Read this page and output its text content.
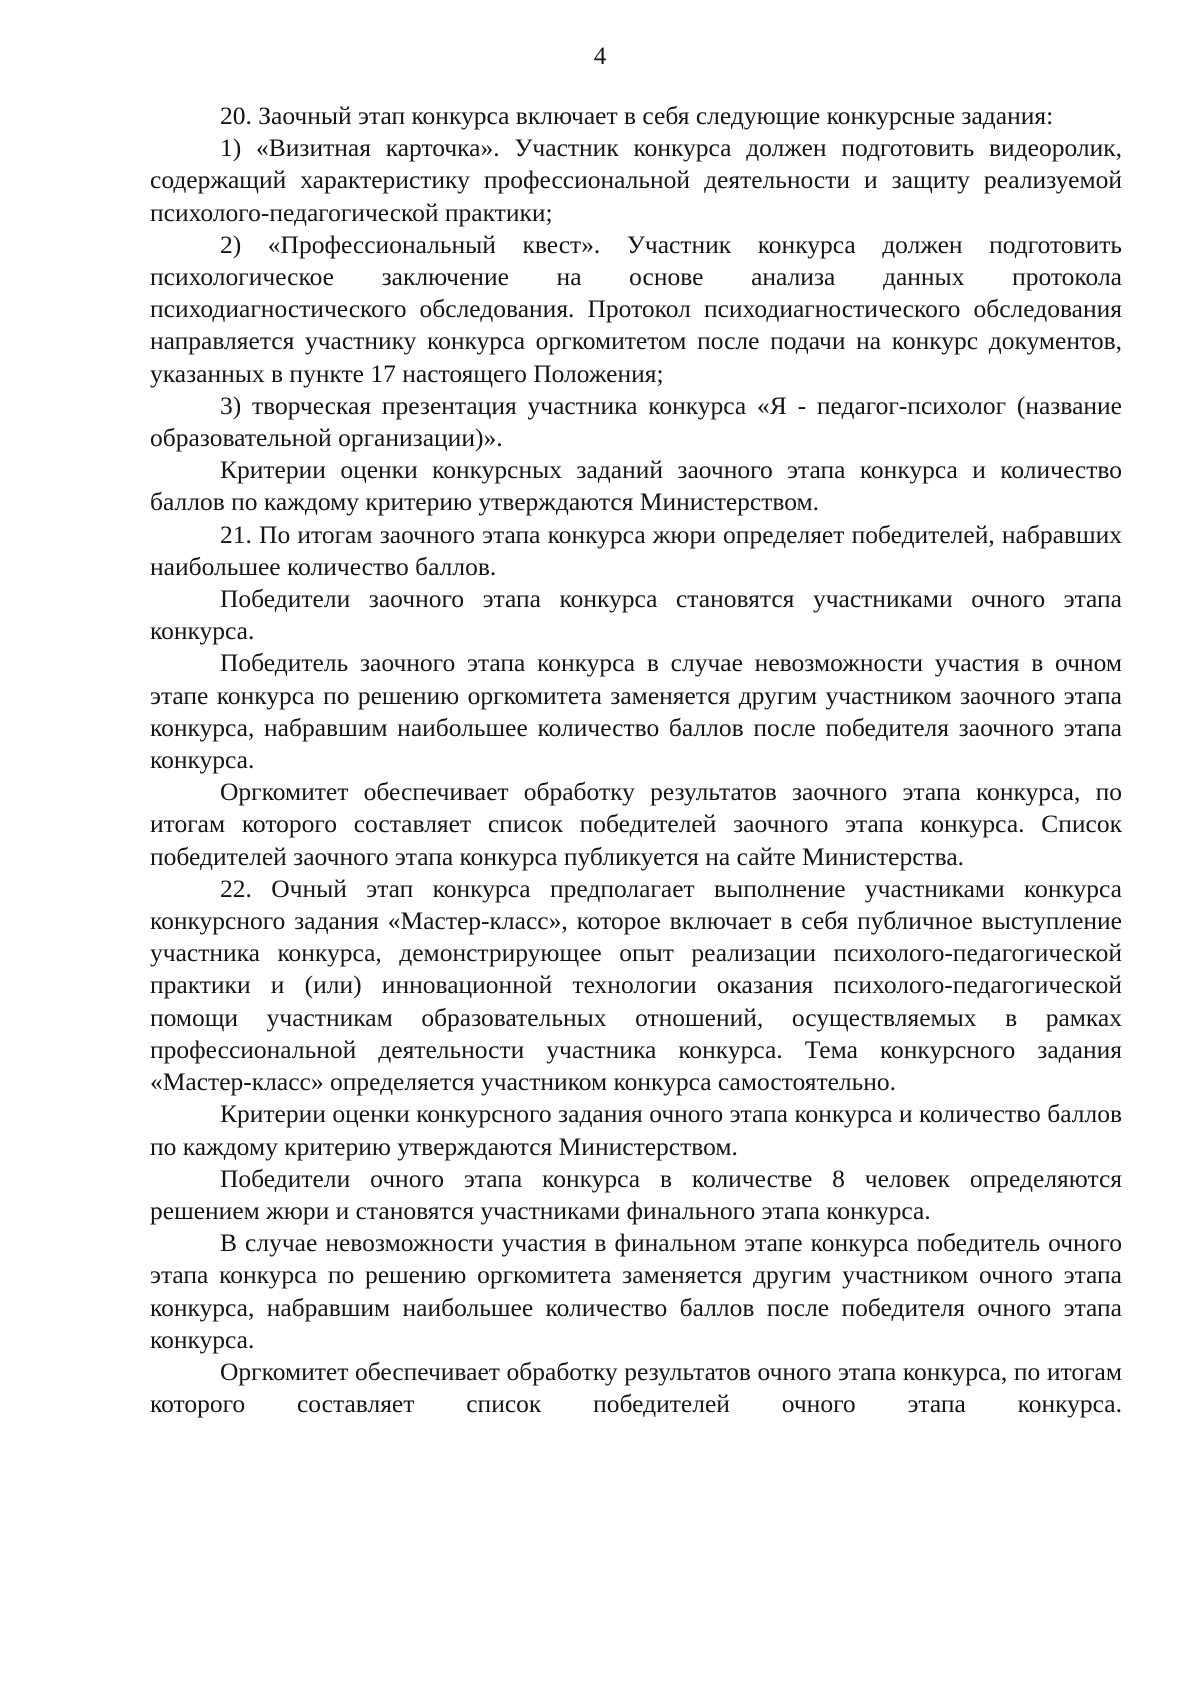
4

20. Заочный этап конкурса включает в себя следующие конкурсные задания:

1) «Визитная карточка». Участник конкурса должен подготовить видеоролик, содержащий характеристику профессиональной деятельности и защиту реализуемой психолого-педагогической практики;

2) «Профессиональный квест». Участник конкурса должен подготовить психологическое заключение на основе анализа данных протокола психодиагностического обследования. Протокол психодиагностического обследования направляется участнику конкурса оргкомитетом после подачи на конкурс документов, указанных в пункте 17 настоящего Положения;

3) творческая презентация участника конкурса «Я - педагог-психолог (название образовательной организации)».

Критерии оценки конкурсных заданий заочного этапа конкурса и количество баллов по каждому критерию утверждаются Министерством.

21. По итогам заочного этапа конкурса жюри определяет победителей, набравших наибольшее количество баллов.

Победители заочного этапа конкурса становятся участниками очного этапа конкурса.

Победитель заочного этапа конкурса в случае невозможности участия в очном этапе конкурса по решению оргкомитета заменяется другим участником заочного этапа конкурса, набравшим наибольшее количество баллов после победителя заочного этапа конкурса.

Оргкомитет обеспечивает обработку результатов заочного этапа конкурса, по итогам которого составляет список победителей заочного этапа конкурса. Список победителей заочного этапа конкурса публикуется на сайте Министерства.

22. Очный этап конкурса предполагает выполнение участниками конкурса конкурсного задания «Мастер-класс», которое включает в себя публичное выступление участника конкурса, демонстрирующее опыт реализации психолого-педагогической практики и (или) инновационной технологии оказания психолого-педагогической помощи участникам образовательных отношений, осуществляемых в рамках профессиональной деятельности участника конкурса. Тема конкурсного задания «Мастер-класс» определяется участником конкурса самостоятельно.

Критерии оценки конкурсного задания очного этапа конкурса и количество баллов по каждому критерию утверждаются Министерством.

Победители очного этапа конкурса в количестве 8 человек определяются решением жюри и становятся участниками финального этапа конкурса.

В случае невозможности участия в финальном этапе конкурса победитель очного этапа конкурса по решению оргкомитета заменяется другим участником очного этапа конкурса, набравшим наибольшее количество баллов после победителя очного этапа конкурса.

Оргкомитет обеспечивает обработку результатов очного этапа конкурса, по итогам которого составляет список победителей очного этапа конкурса.
